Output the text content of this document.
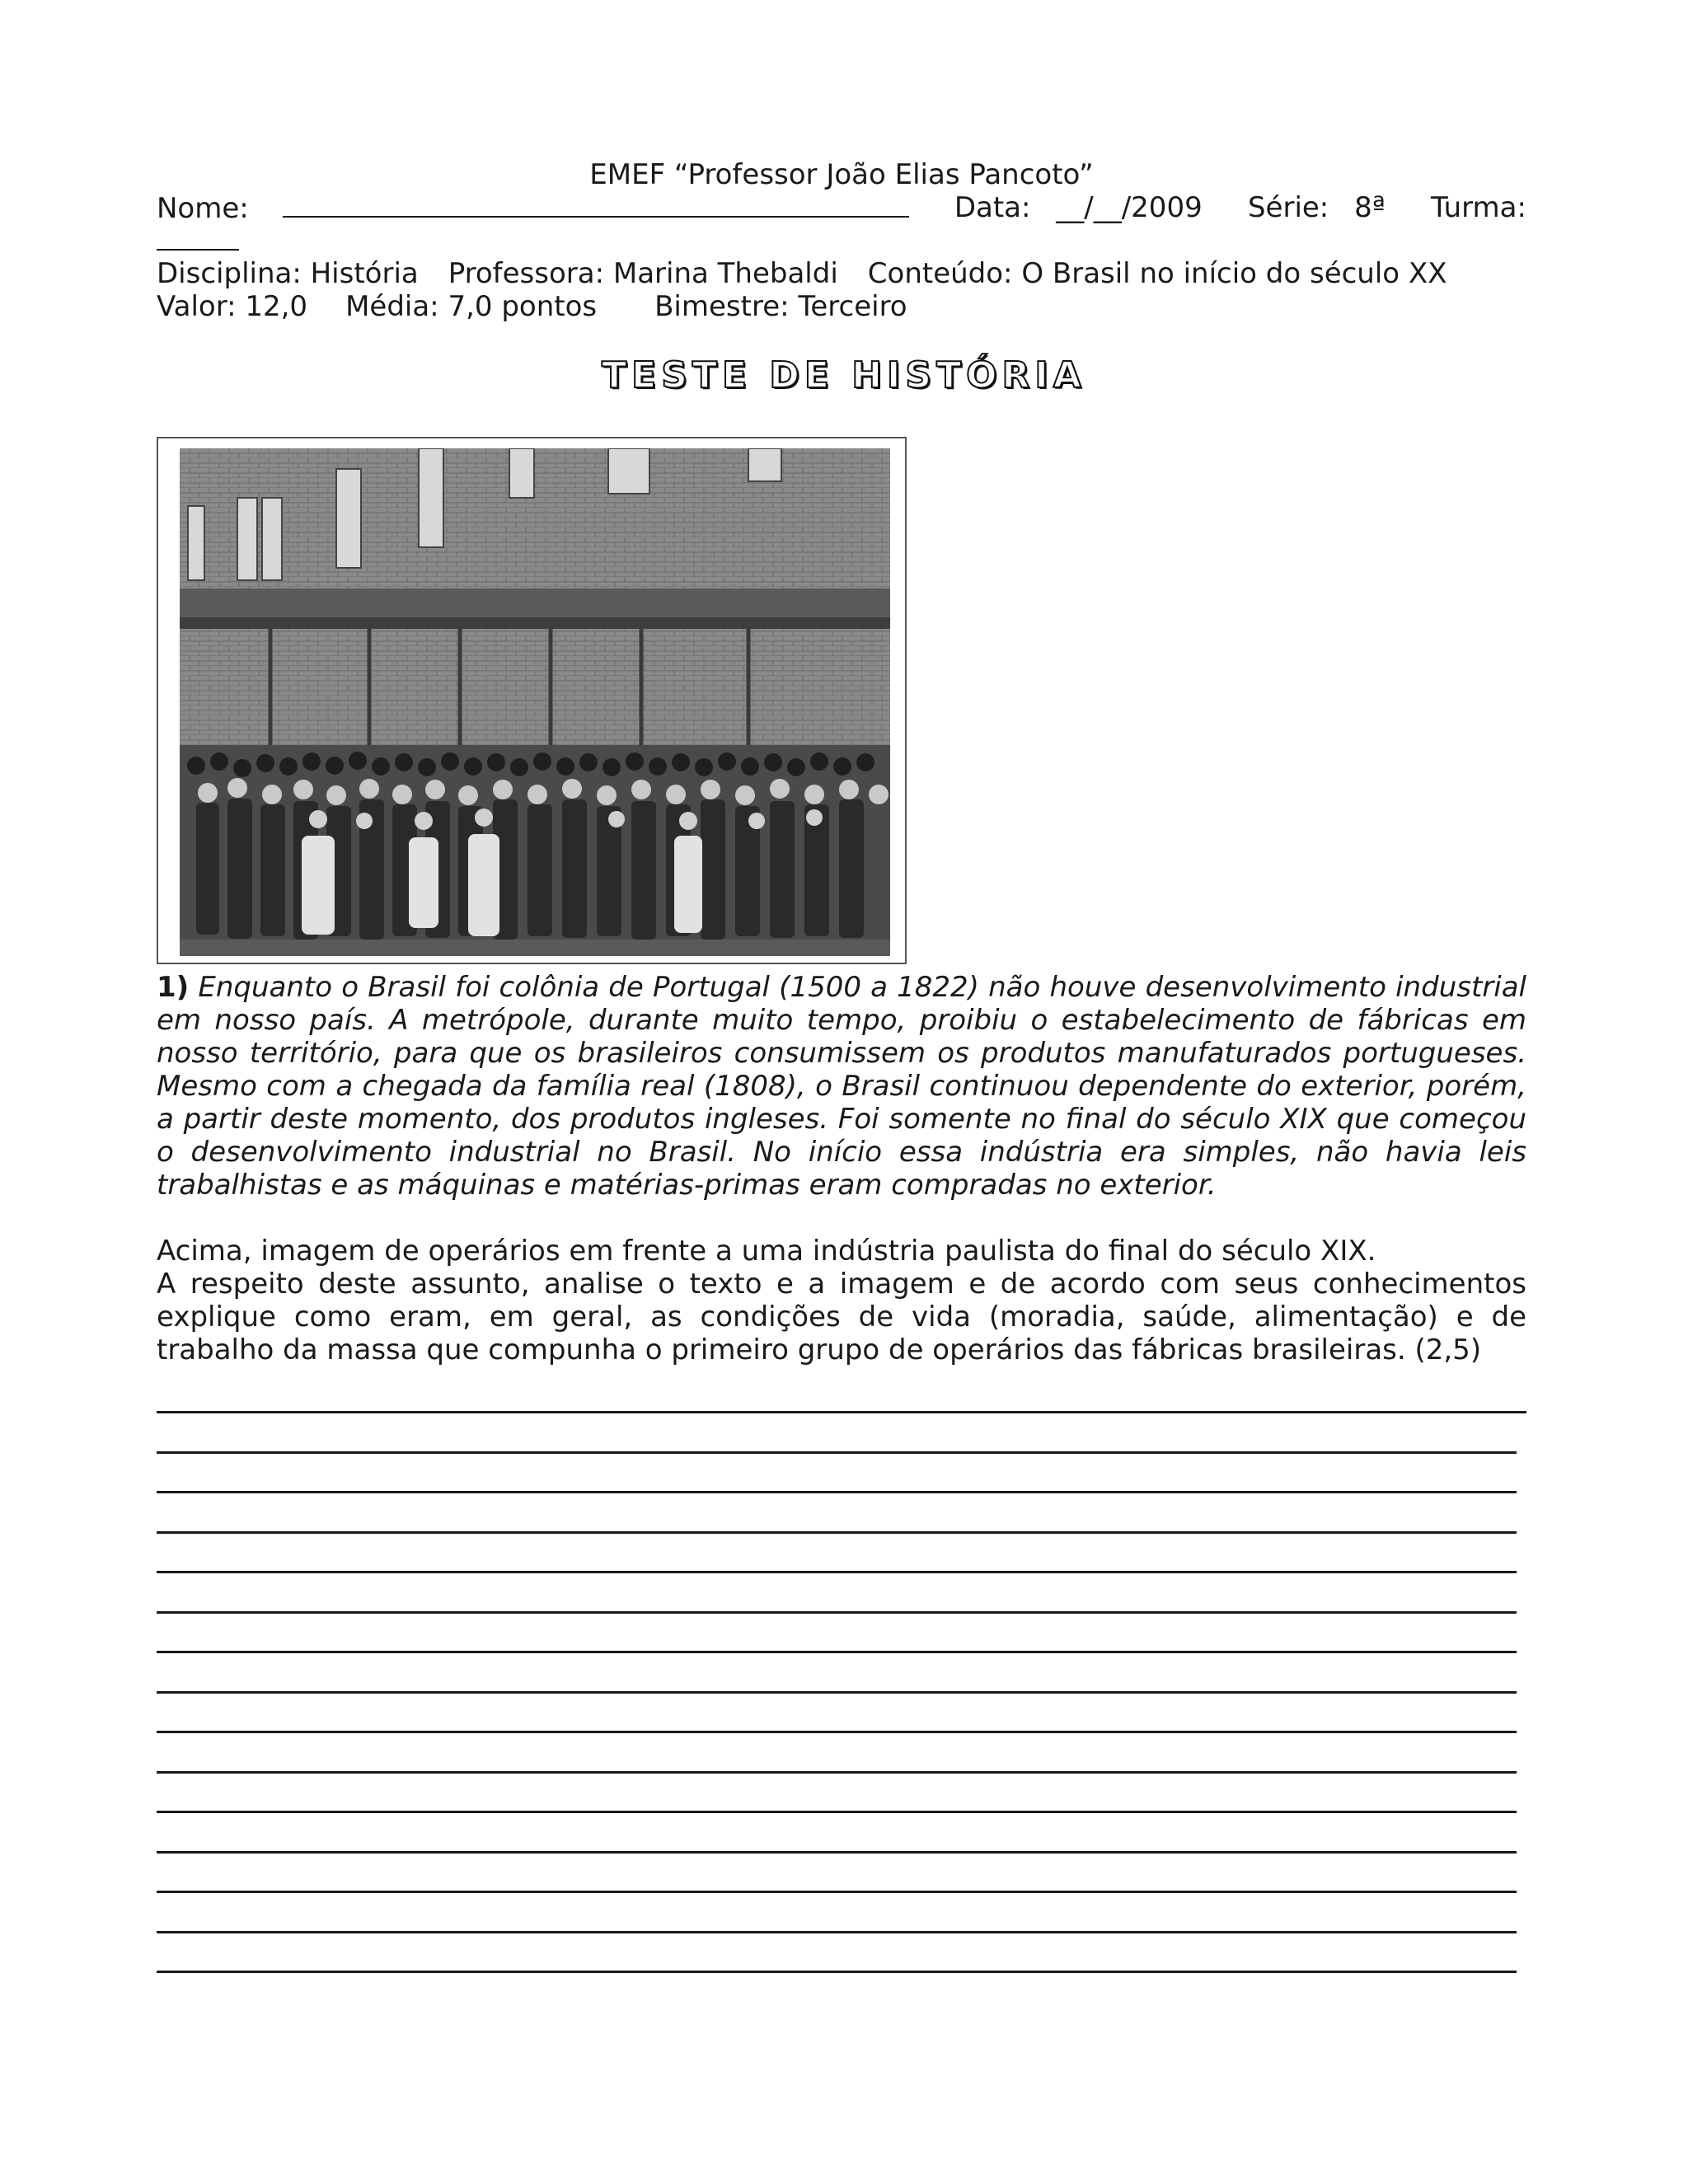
EMEF “Professor João Elias Pancoto”
Nome:	Data: __/__/2009 Série: 8ª Turma:
Disciplina: História Professora: Marina Thebaldi Conteúdo: O Brasil no início do século XX
Valor: 12,0 Média: 7,0 pontos Bimestre: Terceiro
TESTE DE HISTÓRIA
1) Enquanto o Brasil foi colônia de Portugal (1500 a 1822) não houve desenvolvimento industrial em nosso país. A metrópole, durante muito tempo, proibiu o estabelecimento de fábricas em nosso território, para que os brasileiros consumissem os produtos manufaturados portugueses. Mesmo com a chegada da família real (1808), o Brasil continuou dependente do exterior, porém, a partir deste momento, dos produtos ingleses. Foi somente no final do século XIX que começou o desenvolvimento industrial no Brasil. No início essa indústria era simples, não havia leis trabalhistas e as máquinas e matérias-primas eram compradas no exterior.
Acima, imagem de operários em frente a uma indústria paulista do final do século XIX.
A respeito deste assunto, analise o texto e a imagem e de acordo com seus conhecimentos explique como eram, em geral, as condições de vida (moradia, saúde, alimentação) e de trabalho da massa que compunha o primeiro grupo de operários das fábricas brasileiras. (2,5)
